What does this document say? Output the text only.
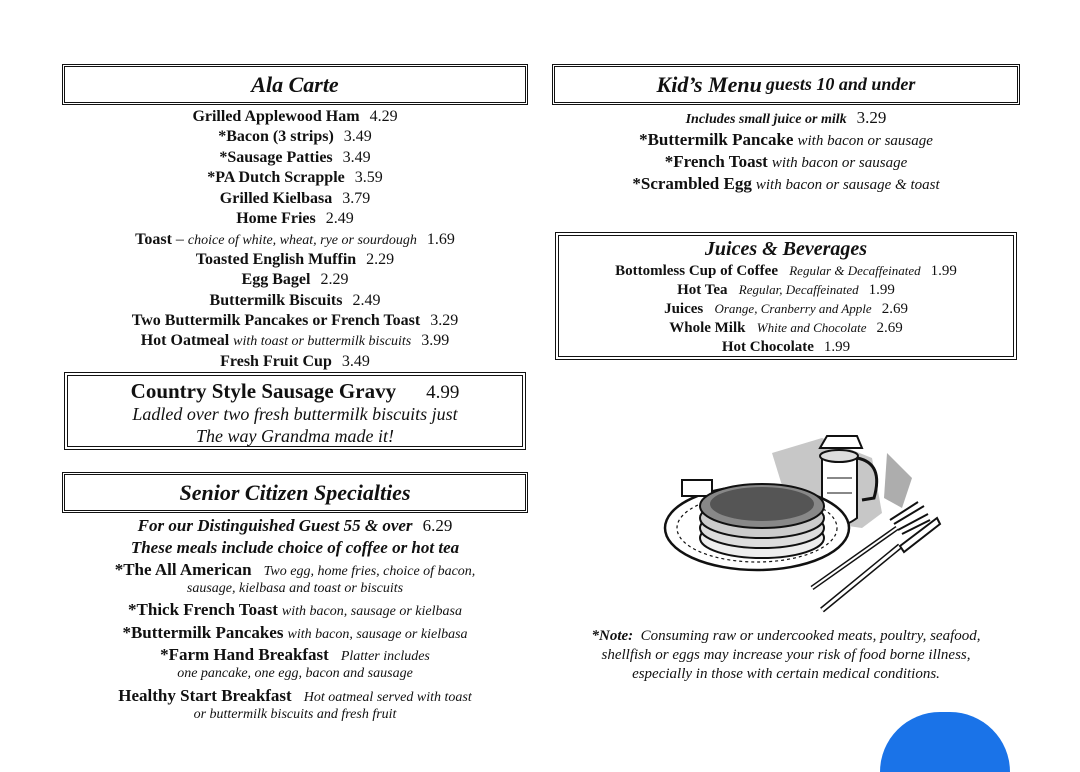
Ala Carte
Grilled Applewood Ham 4.29
*Bacon (3 strips) 3.49
*Sausage Patties 3.49
*PA Dutch Scrapple 3.59
Grilled Kielbasa 3.79
Home Fries 2.49
Toast – choice of white, wheat, rye or sourdough 1.69
Toasted English Muffin 2.29
Egg Bagel 2.29
Buttermilk Biscuits 2.49
Two Buttermilk Pancakes or French Toast 3.29
Hot Oatmeal with toast or buttermilk biscuits 3.99
Fresh Fruit Cup 3.49
Country Style Sausage Gravy 4.99
Ladled over two fresh buttermilk biscuits just
The way Grandma made it!
Senior Citizen Specialties
For our Distinguished Guest 55 & over 6.29
These meals include choice of coffee or hot tea
*The All American Two egg, home fries, choice of bacon,
sausage, kielbasa and toast or biscuits
*Thick French Toast with bacon, sausage or kielbasa
*Buttermilk Pancakes with bacon, sausage or kielbasa
*Farm Hand Breakfast Platter includes
one pancake, one egg, bacon and sausage
Healthy Start Breakfast Hot oatmeal served with toast
or buttermilk biscuits and fresh fruit
Kid’s Menu guests 10 and under
Includes small juice or milk 3.29
*Buttermilk Pancake with bacon or sausage
*French Toast with bacon or sausage
*Scrambled Egg with bacon or sausage & toast
Juices & Beverages
Bottomless Cup of Coffee Regular & Decaffeinated 1.99
Hot Tea Regular, Decaffeinated 1.99
Juices Orange, Cranberry and Apple 2.69
Whole Milk White and Chocolate 2.69
Hot Chocolate 1.99
*Note: Consuming raw or undercooked meats, poultry, seafood,
shellfish or eggs may increase your risk of food borne illness,
especially in those with certain medical conditions.
